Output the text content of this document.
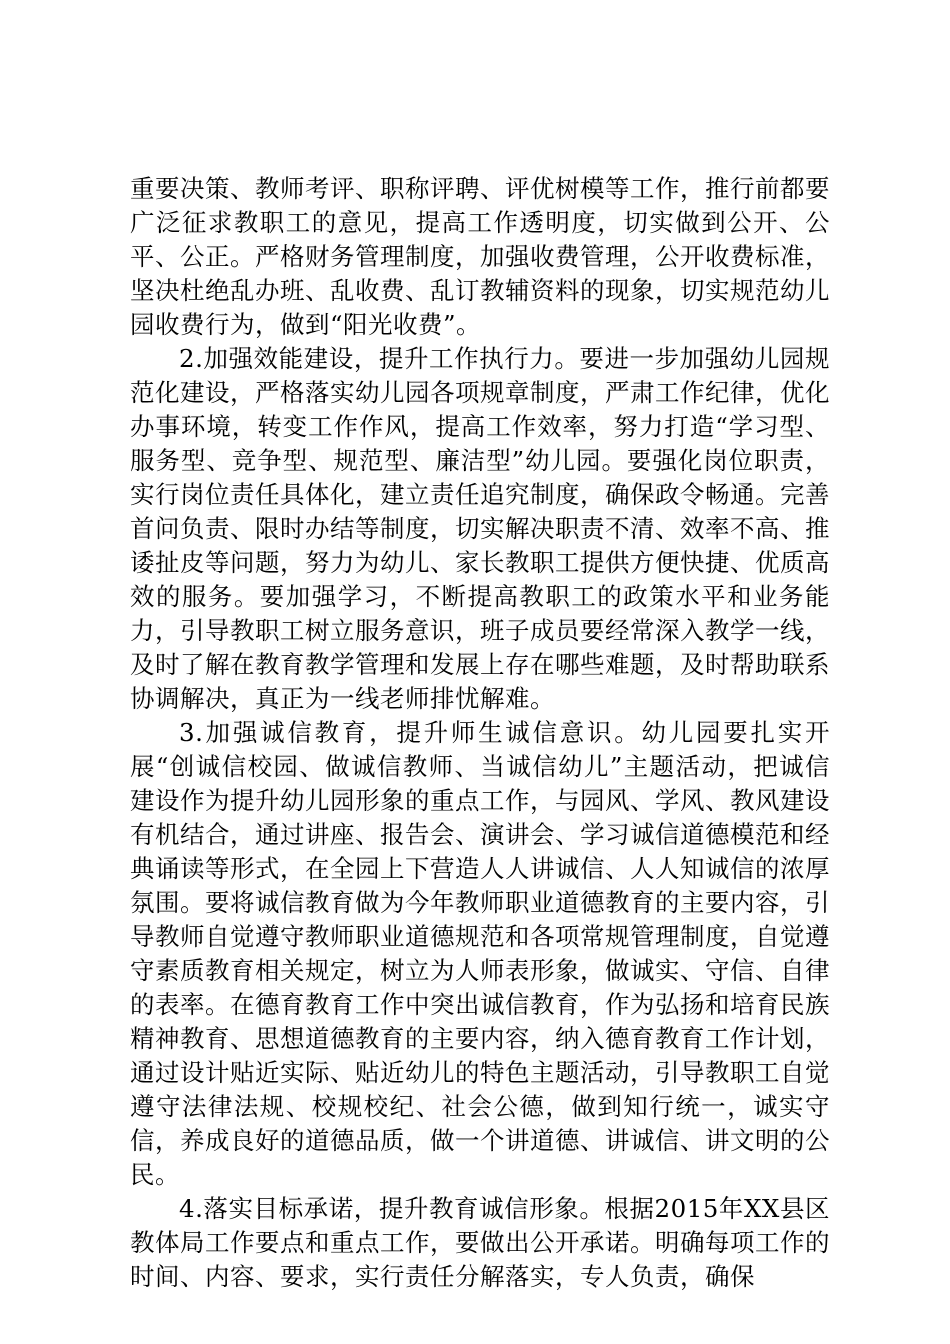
重要决策、教师考评、职称评聘、评优树模等工作，推行前都要广泛征求教职工的意见，提高工作透明度，切实做到公开、公平、公正。严格财务管理制度，加强收费管理，公开收费标准，坚决杜绝乱办班、乱收费、乱订教辅资料的现象，切实规范幼儿园收费行为，做到“阳光收费”。

2.加强效能建设，提升工作执行力。要进一步加强幼儿园规范化建设，严格落实幼儿园各项规章制度，严肃工作纪律，优化办事环境，转变工作作风，提高工作效率，努力打造“学习型、服务型、竞争型、规范型、廉洁型”幼儿园。要强化岗位职责，实行岗位责任具体化，建立责任追究制度，确保政令畅通。完善首问负责、限时办结等制度，切实解决职责不清、效率不高、推诿扯皮等问题，努力为幼儿、家长教职工提供方便快捷、优质高效的服务。要加强学习，不断提高教职工的政策水平和业务能力，引导教职工树立服务意识，班子成员要经常深入教学一线，及时了解在教育教学管理和发展上存在哪些难题，及时帮助联系协调解决，真正为一线老师排忧解难。

3.加强诚信教育，提升师生诚信意识。幼儿园要扎实开展“创诚信校园、做诚信教师、当诚信幼儿”主题活动，把诚信建设作为提升幼儿园形象的重点工作，与园风、学风、教风建设有机结合，通过讲座、报告会、演讲会、学习诚信道德模范和经典诵读等形式，在全园上下营造人人讲诚信、人人知诚信的浓厚氛围。要将诚信教育做为今年教师职业道德教育的主要内容，引导教师自觉遵守教师职业道德规范和各项常规管理制度，自觉遵守素质教育相关规定，树立为人师表形象，做诚实、守信、自律的表率。在德育教育工作中突出诚信教育，作为弘扬和培育民族精神教育、思想道德教育的主要内容，纳入德育教育工作计划，通过设计贴近实际、贴近幼儿的特色主题活动，引导教职工自觉遵守法律法规、校规校纪、社会公德，做到知行统一，诚实守信，养成良好的道德品质，做一个讲道德、讲诚信、讲文明的公民。

4.落实目标承诺，提升教育诚信形象。根据2015年XX县区教体局工作要点和重点工作，要做出公开承诺。明确每项工作的时间、内容、要求，实行责任分解落实，专人负责，确保
